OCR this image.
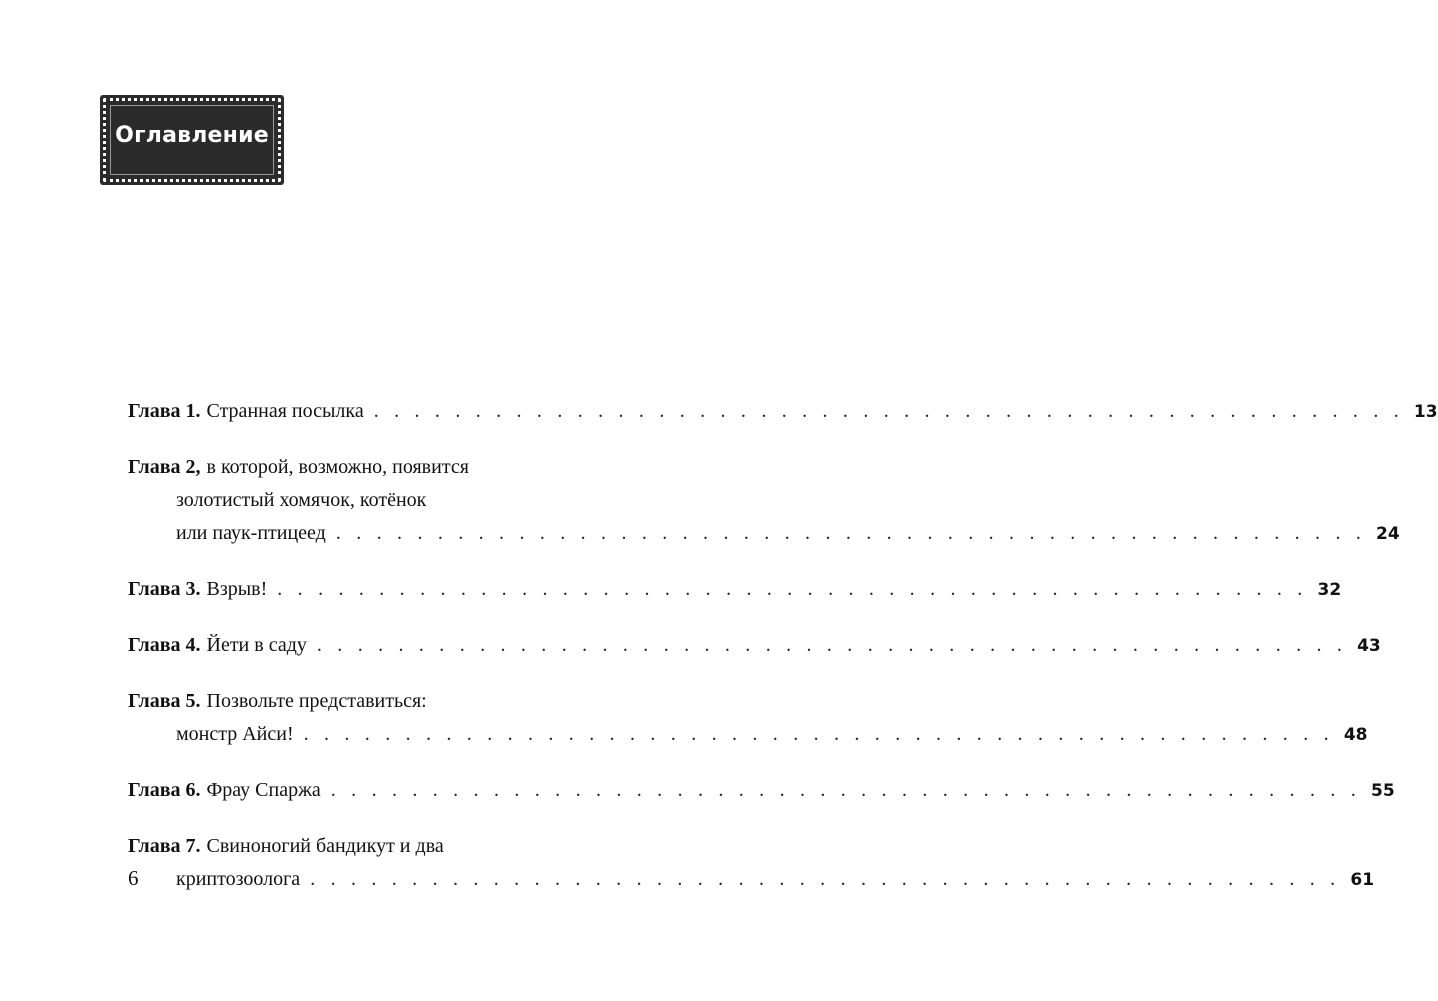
Оглавление
Глава 1. Странная посылка . . . . . . . . . . . . . . . . . . . . . . . . . . . . . . . . . . . . . . . . . . . . . . . . . . . 13
Глава 2, в которой, возможно, появится
золотистый хомячок, котёнок
или паук-птицеед . . . . . . . . . . . . . . . . . . . . . . . . . . . . . . . . . . . . . . . . . . . . . . . . . . . 24
Глава 3. Взрыв! . . . . . . . . . . . . . . . . . . . . . . . . . . . . . . . . . . . . . . . . . . . . . . . . . . . 32
Глава 4. Йети в саду . . . . . . . . . . . . . . . . . . . . . . . . . . . . . . . . . . . . . . . . . . . . . . . . . . . 43
Глава 5. Позвольте представиться:
монстр Айси! . . . . . . . . . . . . . . . . . . . . . . . . . . . . . . . . . . . . . . . . . . . . . . . . . . . 48
Глава 6. Фрау Спаржа . . . . . . . . . . . . . . . . . . . . . . . . . . . . . . . . . . . . . . . . . . . . . . . . . . . 55
Глава 7. Свиноногий бандикут и два
криптозоолога . . . . . . . . . . . . . . . . . . . . . . . . . . . . . . . . . . . . . . . . . . . . . . . . . . . 61
6
